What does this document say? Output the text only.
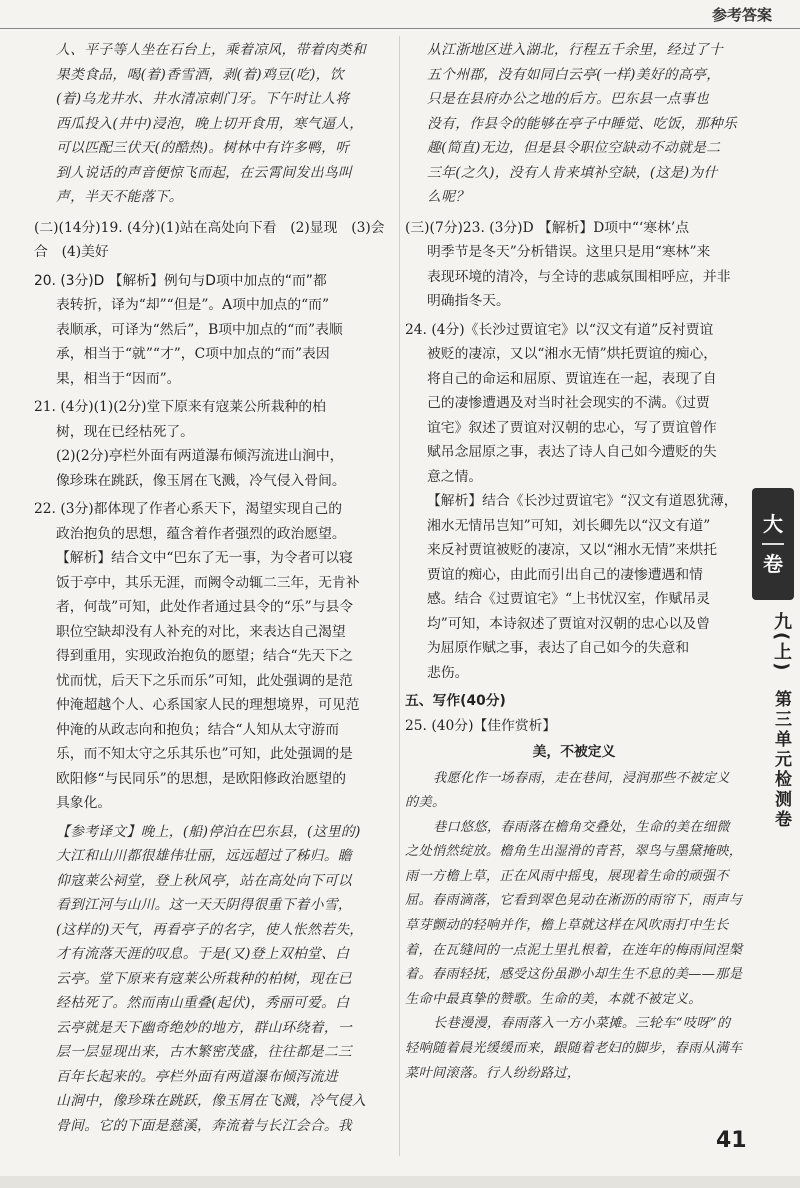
参考答案

人、平子等人坐在石台上，乘着凉风，带着肉类和

果类食品，喝(着)香雪酒，剥(着)鸡豆(吃)，饮

(着)乌龙井水、井水清凉刺门牙。下午时让人将

西瓜投入(井中)浸泡，晚上切开食用，寒气逼人，

可以匹配三伏天(的酷热)。树林中有许多鸭，听

到人说话的声音便惊飞而起，在云霄间发出鸟叫

声，半天不能落下。

(二)(14分)19. (4分)(1)站在高处向下看　(2)显现　(3)会合　(4)美好

20. (3分)D 【解析】例句与D项中加点的“而”都

表转折，译为“却”“但是”。A项中加点的“而”

表顺承，可译为“然后”，B项中加点的“而”表顺

承，相当于“就”“才”，C项中加点的“而”表因

果，相当于“因而”。

21. (4分)(1)(2分)堂下原来有寇莱公所栽种的柏

树，现在已经枯死了。

(2)(2分)亭栏外面有两道瀑布倾泻流进山涧中，

像珍珠在跳跃，像玉屑在飞溅，冷气侵入骨间。

22. (3分)都体现了作者心系天下，渴望实现自己的

政治抱负的思想，蕴含着作者强烈的政治愿望。

【解析】结合文中“巴东了无一事，为令者可以寝

饭于亭中，其乐无涯，而阙令动辄二三年，无肯补

者，何哉”可知，此处作者通过县令的“乐”与县令

职位空缺却没有人补充的对比，来表达自己渴望

得到重用，实现政治抱负的愿望；结合“先天下之

忧而忧，后天下之乐而乐”可知，此处强调的是范

仲淹超越个人、心系国家人民的理想境界，可见范

仲淹的从政志向和抱负；结合“人知从太守游而

乐，而不知太守之乐其乐也”可知，此处强调的是

欧阳修“与民同乐”的思想，是欧阳修政治愿望的

具象化。

【参考译文】晚上，(船)停泊在巴东县，(这里的)

大江和山川都很雄伟壮丽，远远超过了秭归。瞻

仰寇莱公祠堂，登上秋风亭，站在高处向下可以

看到江河与山川。这一天天阴得很重下着小雪，

(这样的)天气，再看亭子的名字，使人怅然若失，

才有流落天涯的叹息。于是(又)登上双柏堂、白

云亭。堂下原来有寇莱公所栽种的柏树，现在已

经枯死了。然而南山重叠(起伏)，秀丽可爱。白

云亭就是天下幽奇绝妙的地方，群山环绕着，一

层一层显现出来，古木繁密茂盛，往往都是二三

百年长起来的。亭栏外面有两道瀑布倾泻流进

山涧中，像珍珠在跳跃，像玉屑在飞溅，冷气侵入

骨间。它的下面是慈溪，奔流着与长江会合。我

从江浙地区进入湖北，行程五千余里，经过了十

五个州郡，没有如同白云亭(一样)美好的高亭，

只是在县府办公之地的后方。巴东县一点事也

没有，作县令的能够在亭子中睡觉、吃饭，那种乐

趣(简直)无边，但是县令职位空缺动不动就是二

三年(之久)，没有人肯来填补空缺，(这是)为什

么呢？

(三)(7分)23. (3分)D 【解析】D项中“‘寒林’点

明季节是冬天”分析错误。这里只是用“寒林”来

表现环境的清冷，与全诗的悲戚氛围相呼应，并非

明确指冬天。

24. (4分)《长沙过贾谊宅》以“汉文有道”反衬贾谊

被贬的凄凉，又以“湘水无情”烘托贾谊的痴心，

将自己的命运和屈原、贾谊连在一起，表现了自

己的凄惨遭遇及对当时社会现实的不满。《过贾

谊宅》叙述了贾谊对汉朝的忠心，写了贾谊曾作

赋吊念屈原之事，表达了诗人自己如今遭贬的失

意之情。

【解析】结合《长沙过贾谊宅》“汉文有道恩犹薄，

湘水无情吊岂知”可知，刘长卿先以“汉文有道”

来反衬贾谊被贬的凄凉，又以“湘水无情”来烘托

贾谊的痴心，由此而引出自己的凄惨遭遇和情

感。结合《过贾谊宅》“上书忧汉室，作赋吊灵

均”可知，本诗叙述了贾谊对汉朝的忠心以及曾

为屈原作赋之事，表达了自己如今的失意和

悲伤。

五、写作(40分)

25. (40分)【佳作赏析】

美，不被定义

我愿化作一场春雨，走在巷间，浸润那些不被定义的美。

巷口悠悠，春雨落在檐角交叠处，生命的美在细微之处悄然绽放。檐角生出湿滑的青苔，翠鸟与墨黛掩映，雨一方檐上草，正在风雨中摇曳，展现着生命的顽强不屈。春雨滴落，它看到翠色晃动在淅沥的雨帘下，雨声与草芽颤动的轻响并作，檐上草就这样在风吹雨打中生长着，在瓦缝间的一点泥土里扎根着，在连年的梅雨间涅槃着。春雨轻抚，感受这份虽渺小却生生不息的美——那是生命中最真挚的赞歌。生命的美，本就不被定义。

长巷漫漫，春雨落入一方小菜摊。三轮车“吱呀”的轻响随着晨光缓缓而来，跟随着老妇的脚步，春雨从满车菜叶间滚落。行人纷纷路过，

大
卷
九(上)
第三单元检测卷
41
